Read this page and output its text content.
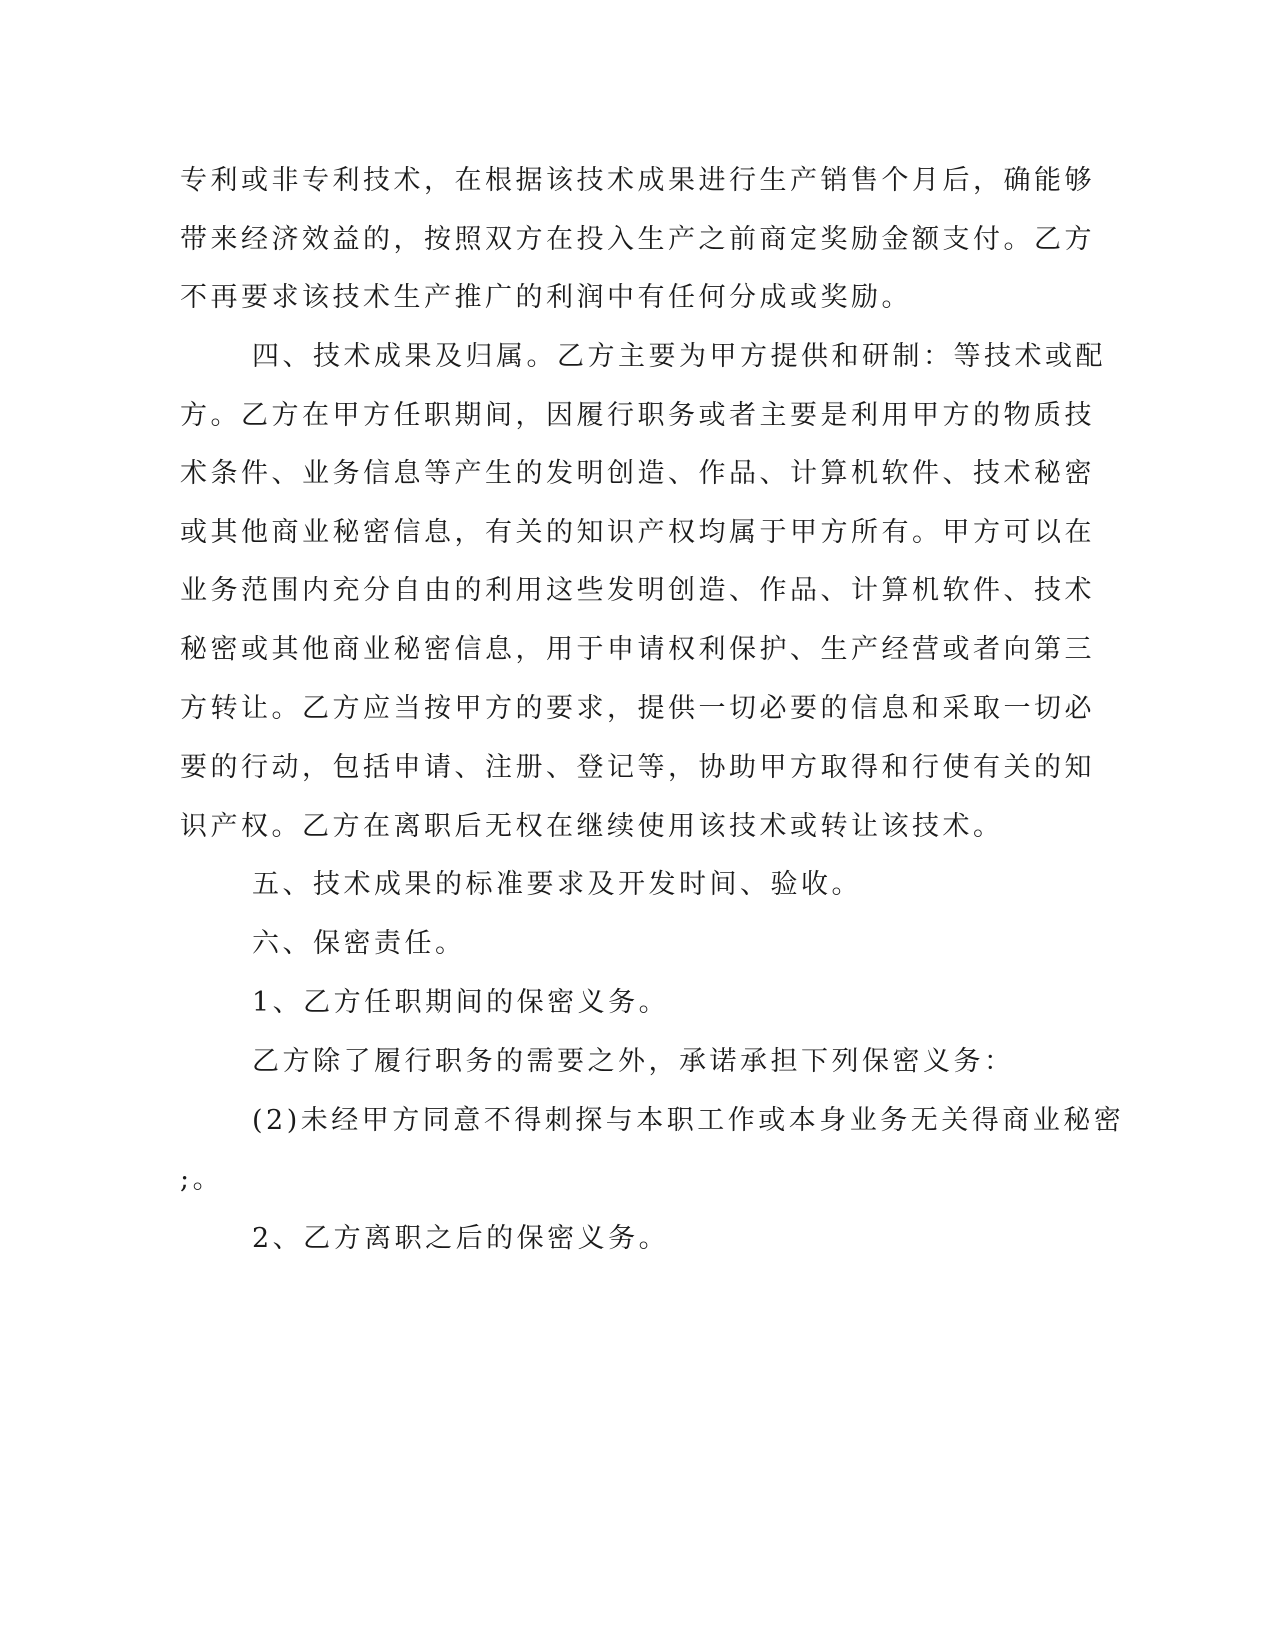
专利或非专利技术，在根据该技术成果进行生产销售个月后，确能够

带来经济效益的，按照双方在投入生产之前商定奖励金额支付。乙方

不再要求该技术生产推广的利润中有任何分成或奖励。

四、技术成果及归属。乙方主要为甲方提供和研制：等技术或配

方。乙方在甲方任职期间，因履行职务或者主要是利用甲方的物质技

术条件、业务信息等产生的发明创造、作品、计算机软件、技术秘密

或其他商业秘密信息，有关的知识产权均属于甲方所有。甲方可以在

业务范围内充分自由的利用这些发明创造、作品、计算机软件、技术

秘密或其他商业秘密信息，用于申请权利保护、生产经营或者向第三

方转让。乙方应当按甲方的要求，提供一切必要的信息和采取一切必

要的行动，包括申请、注册、登记等，协助甲方取得和行使有关的知

识产权。乙方在离职后无权在继续使用该技术或转让该技术。

五、技术成果的标准要求及开发时间、验收。

六、保密责任。

1、乙方任职期间的保密义务。

乙方除了履行职务的需要之外，承诺承担下列保密义务：

(2)未经甲方同意不得刺探与本职工作或本身业务无关得商业秘密

;。

2、乙方离职之后的保密义务。
